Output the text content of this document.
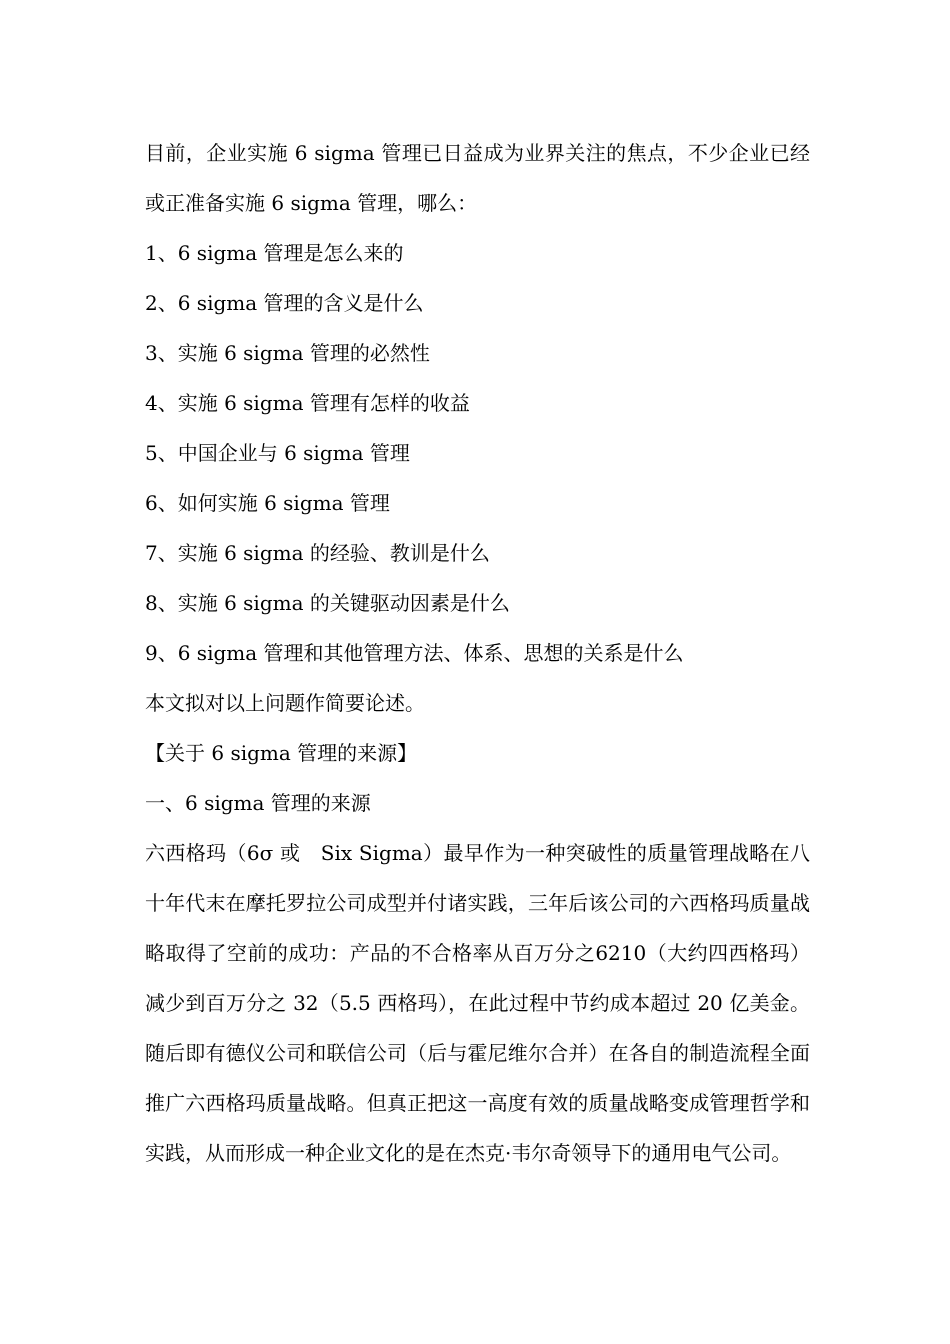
目前，企业实施 6 sigma 管理已日益成为业界关注的焦点，不少企业已经或正准备实施 6 sigma 管理，哪么：

1、6 sigma 管理是怎么来的

2、6 sigma 管理的含义是什么

3、实施 6 sigma 管理的必然性

4、实施 6 sigma 管理有怎样的收益

5、中国企业与 6 sigma 管理

6、如何实施 6 sigma 管理

7、实施 6 sigma 的经验、教训是什么

8、实施 6 sigma 的关键驱动因素是什么

9、6 sigma 管理和其他管理方法、体系、思想的关系是什么

本文拟对以上问题作简要论述。

【关于 6 sigma 管理的来源】

一、6 sigma 管理的来源

六西格玛（6σ 或　Six Sigma）最早作为一种突破性的质量管理战略在八十年代末在摩托罗拉公司成型并付诸实践，三年后该公司的六西格玛质量战略取得了空前的成功：产品的不合格率从百万分之6210（大约四西格玛）减少到百万分之 32（5.5 西格玛），在此过程中节约成本超过 20 亿美金。随后即有德仪公司和联信公司（后与霍尼维尔合并）在各自的制造流程全面推广六西格玛质量战略。但真正把这一高度有效的质量战略变成管理哲学和实践，从而形成一种企业文化的是在杰克·韦尔奇领导下的通用电气公司。
